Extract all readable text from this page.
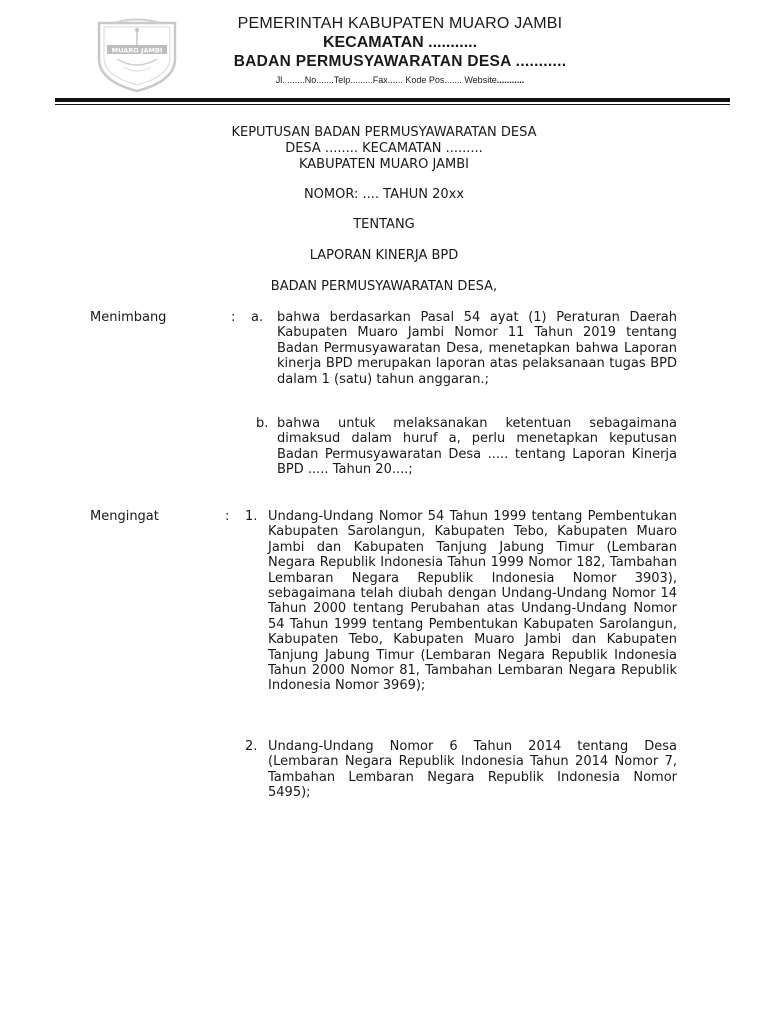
MUARO JAMBI
PEMERINTAH KABUPATEN MUARO JAMBI
KECAMATAN ...........
BADAN PERMUSYAWARATAN DESA ...........
Jl. .......No.......Telp.........Fax...... Kode Pos....... Website...........
KEPUTUSAN BADAN PERMUSYAWARATAN DESA
DESA ........ KECAMATAN .........
KABUPATEN MUARO JAMBI
NOMOR: .... TAHUN 20xx
TENTANG
LAPORAN KINERJA BPD
BADAN PERMUSYAWARATAN DESA,
Menimbang	: a. bahwa berdasarkan Pasal 54 ayat (1) Peraturan Daerah Kabupaten Muaro Jambi Nomor 11 Tahun 2019 tentang Badan Permusyawaratan Desa, menetapkan bahwa Laporan kinerja BPD merupakan laporan atas pelaksanaan tugas BPD dalam 1 (satu) tahun anggaran.;

b. bahwa untuk melaksanakan ketentuan sebagaimana dimaksud dalam huruf a, perlu menetapkan keputusan Badan Permusyawaratan Desa ..... tentang Laporan Kinerja BPD ..... Tahun 20....;

Mengingat	: 1. Undang-Undang Nomor 54 Tahun 1999 tentang Pembentukan Kabupaten Sarolangun, Kabupaten Tebo, Kabupaten Muaro Jambi dan Kabupaten Tanjung Jabung Timur (Lembaran Negara Republik Indonesia Tahun 1999 Nomor 182, Tambahan Lembaran Negara Republik Indonesia Nomor 3903), sebagaimana telah diubah dengan Undang-Undang Nomor 14 Tahun 2000 tentang Perubahan atas Undang-Undang Nomor 54 Tahun 1999 tentang Pembentukan Kabupaten Sarolangun, Kabupaten Tebo, Kabupaten Muaro Jambi dan Kabupaten Tanjung Jabung Timur (Lembaran Negara Republik Indonesia Tahun 2000 Nomor 81, Tambahan Lembaran Negara Republik Indonesia Nomor 3969);

2. Undang-Undang Nomor 6 Tahun 2014 tentang Desa (Lembaran Negara Republik Indonesia Tahun 2014 Nomor 7, Tambahan Lembaran Negara Republik Indonesia Nomor 5495);
